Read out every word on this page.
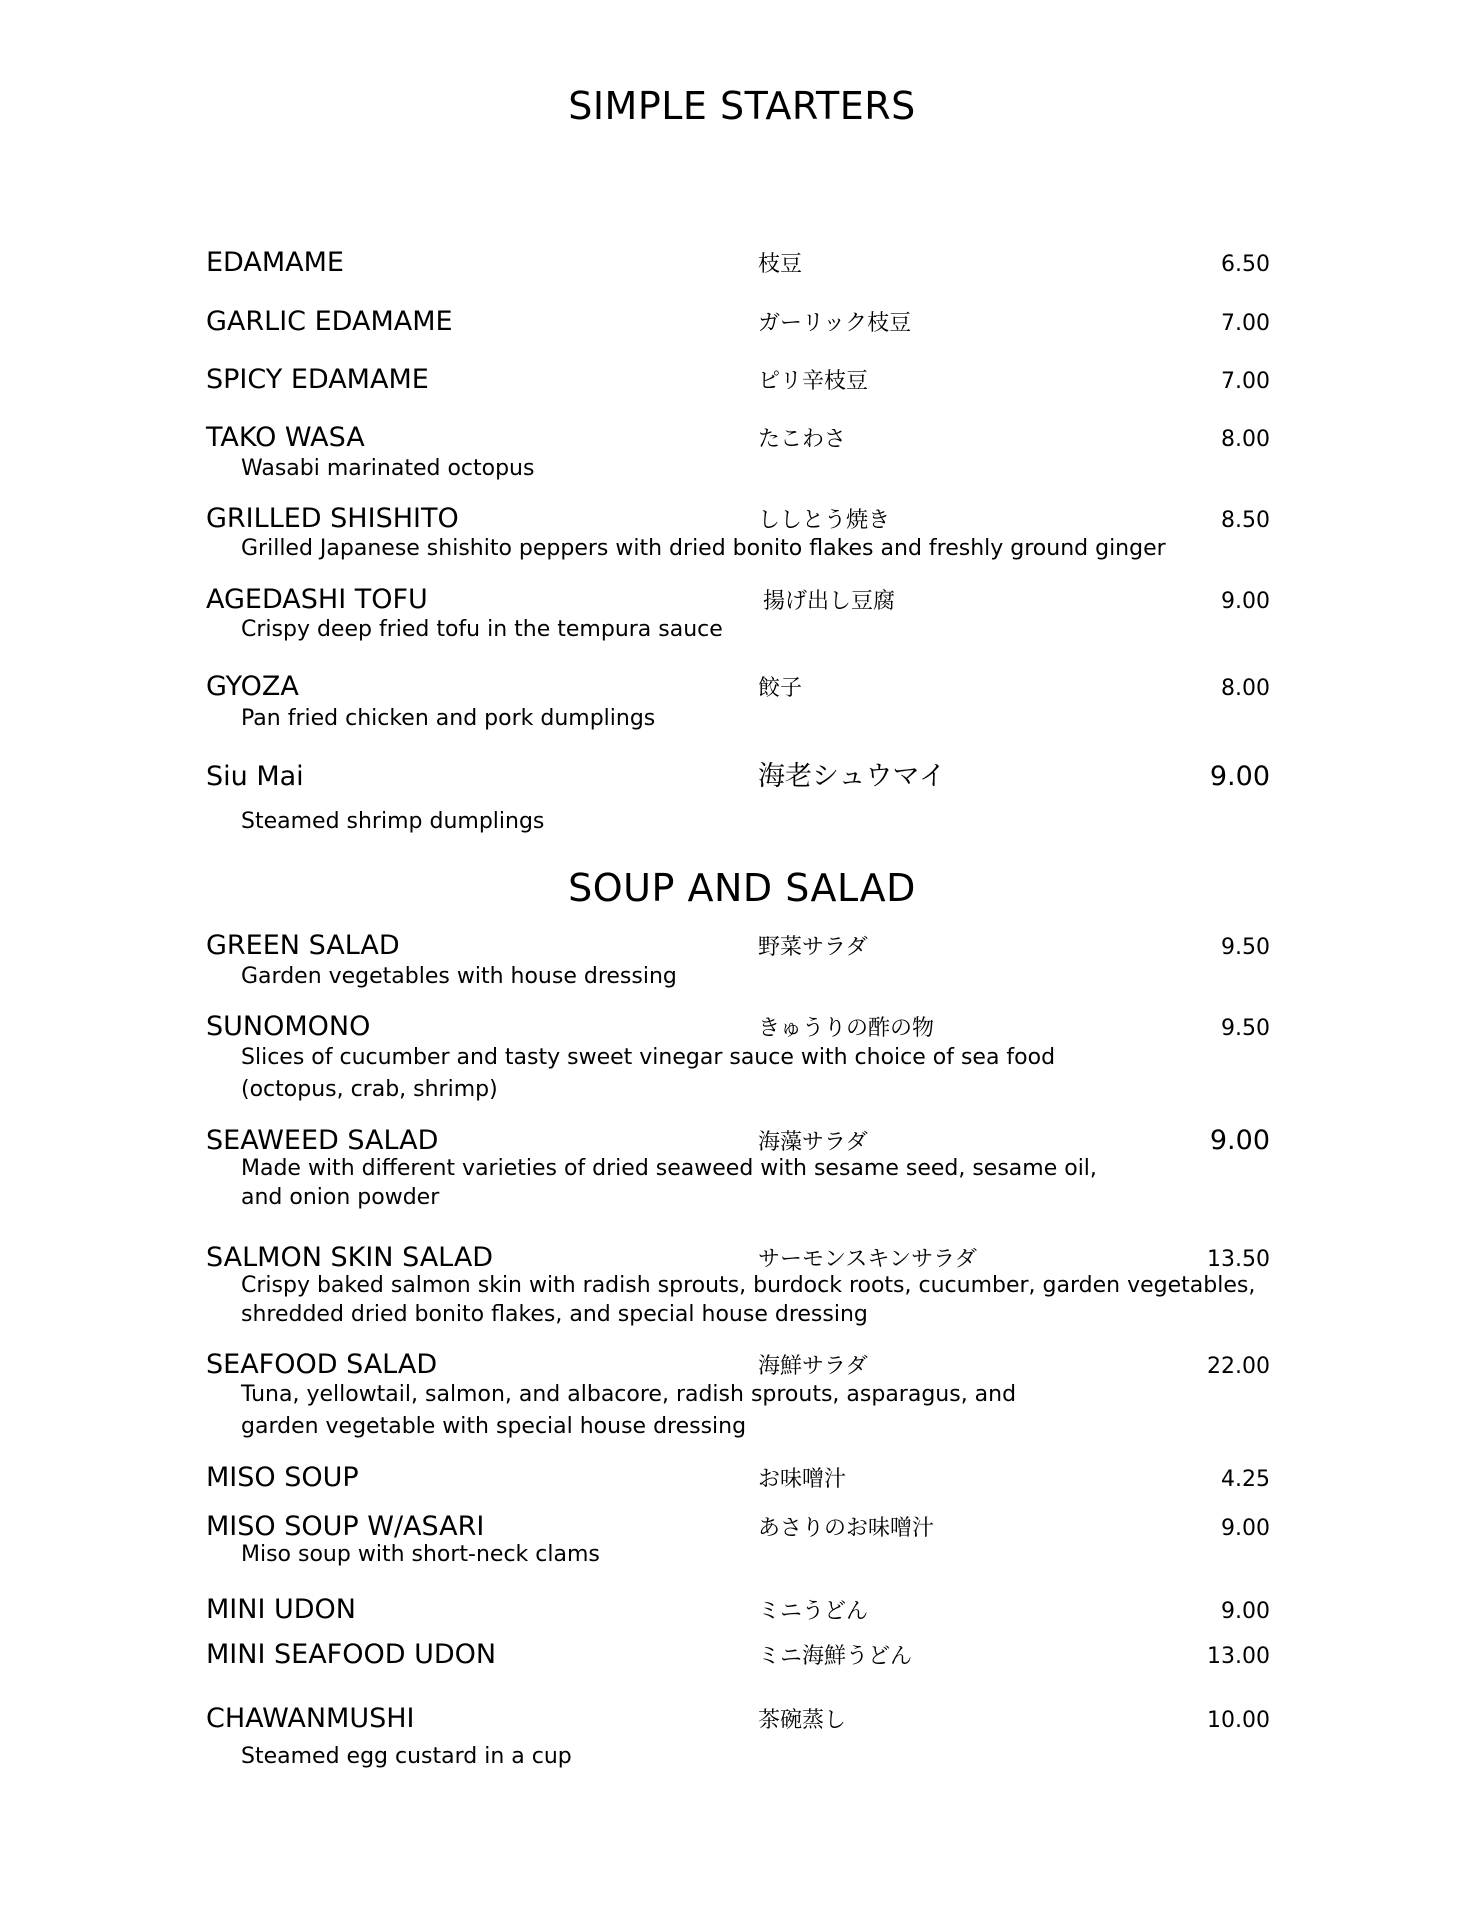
SIMPLE STARTERS
EDAMAME	枝豆	6.50
GARLIC EDAMAME	ガーリック枝豆	7.00
SPICY EDAMAME	ピリ辛枝豆	7.00
TAKO WASA	たこわさ	8.00
Wasabi marinated octopus
GRILLED SHISHITO	ししとう焼き	8.50
Grilled Japanese shishito peppers with dried bonito flakes and freshly ground ginger
AGEDASHI TOFU	揚げ出し豆腐	9.00
Crispy deep fried tofu in the tempura sauce
GYOZA	餃子	8.00
Pan fried chicken and pork dumplings
Siu Mai	海老シュウマイ	9.00
Steamed shrimp dumplings
SOUP AND SALAD
GREEN SALAD	野菜サラダ	9.50
Garden vegetables with house dressing
SUNOMONO	きゅうりの酢の物	9.50
Slices of cucumber and tasty sweet vinegar sauce with choice of sea food
(octopus, crab, shrimp)
SEAWEED SALAD	海藻サラダ	9.00
Made with different varieties of dried seaweed with sesame seed, sesame oil,
and onion powder
SALMON SKIN SALAD	サーモンスキンサラダ	13.50
Crispy baked salmon skin with radish sprouts, burdock roots, cucumber, garden vegetables,
shredded dried bonito flakes, and special house dressing
SEAFOOD SALAD	海鮮サラダ	22.00
Tuna, yellowtail, salmon, and albacore, radish sprouts, asparagus, and
garden vegetable with special house dressing
MISO SOUP	お味噌汁	4.25
MISO SOUP W/ASARI	あさりのお味噌汁	9.00
Miso soup with short-neck clams
MINI UDON	ミニうどん	9.00
MINI SEAFOOD UDON	ミニ海鮮うどん	13.00
CHAWANMUSHI	茶碗蒸し	10.00
Steamed egg custard in a cup
